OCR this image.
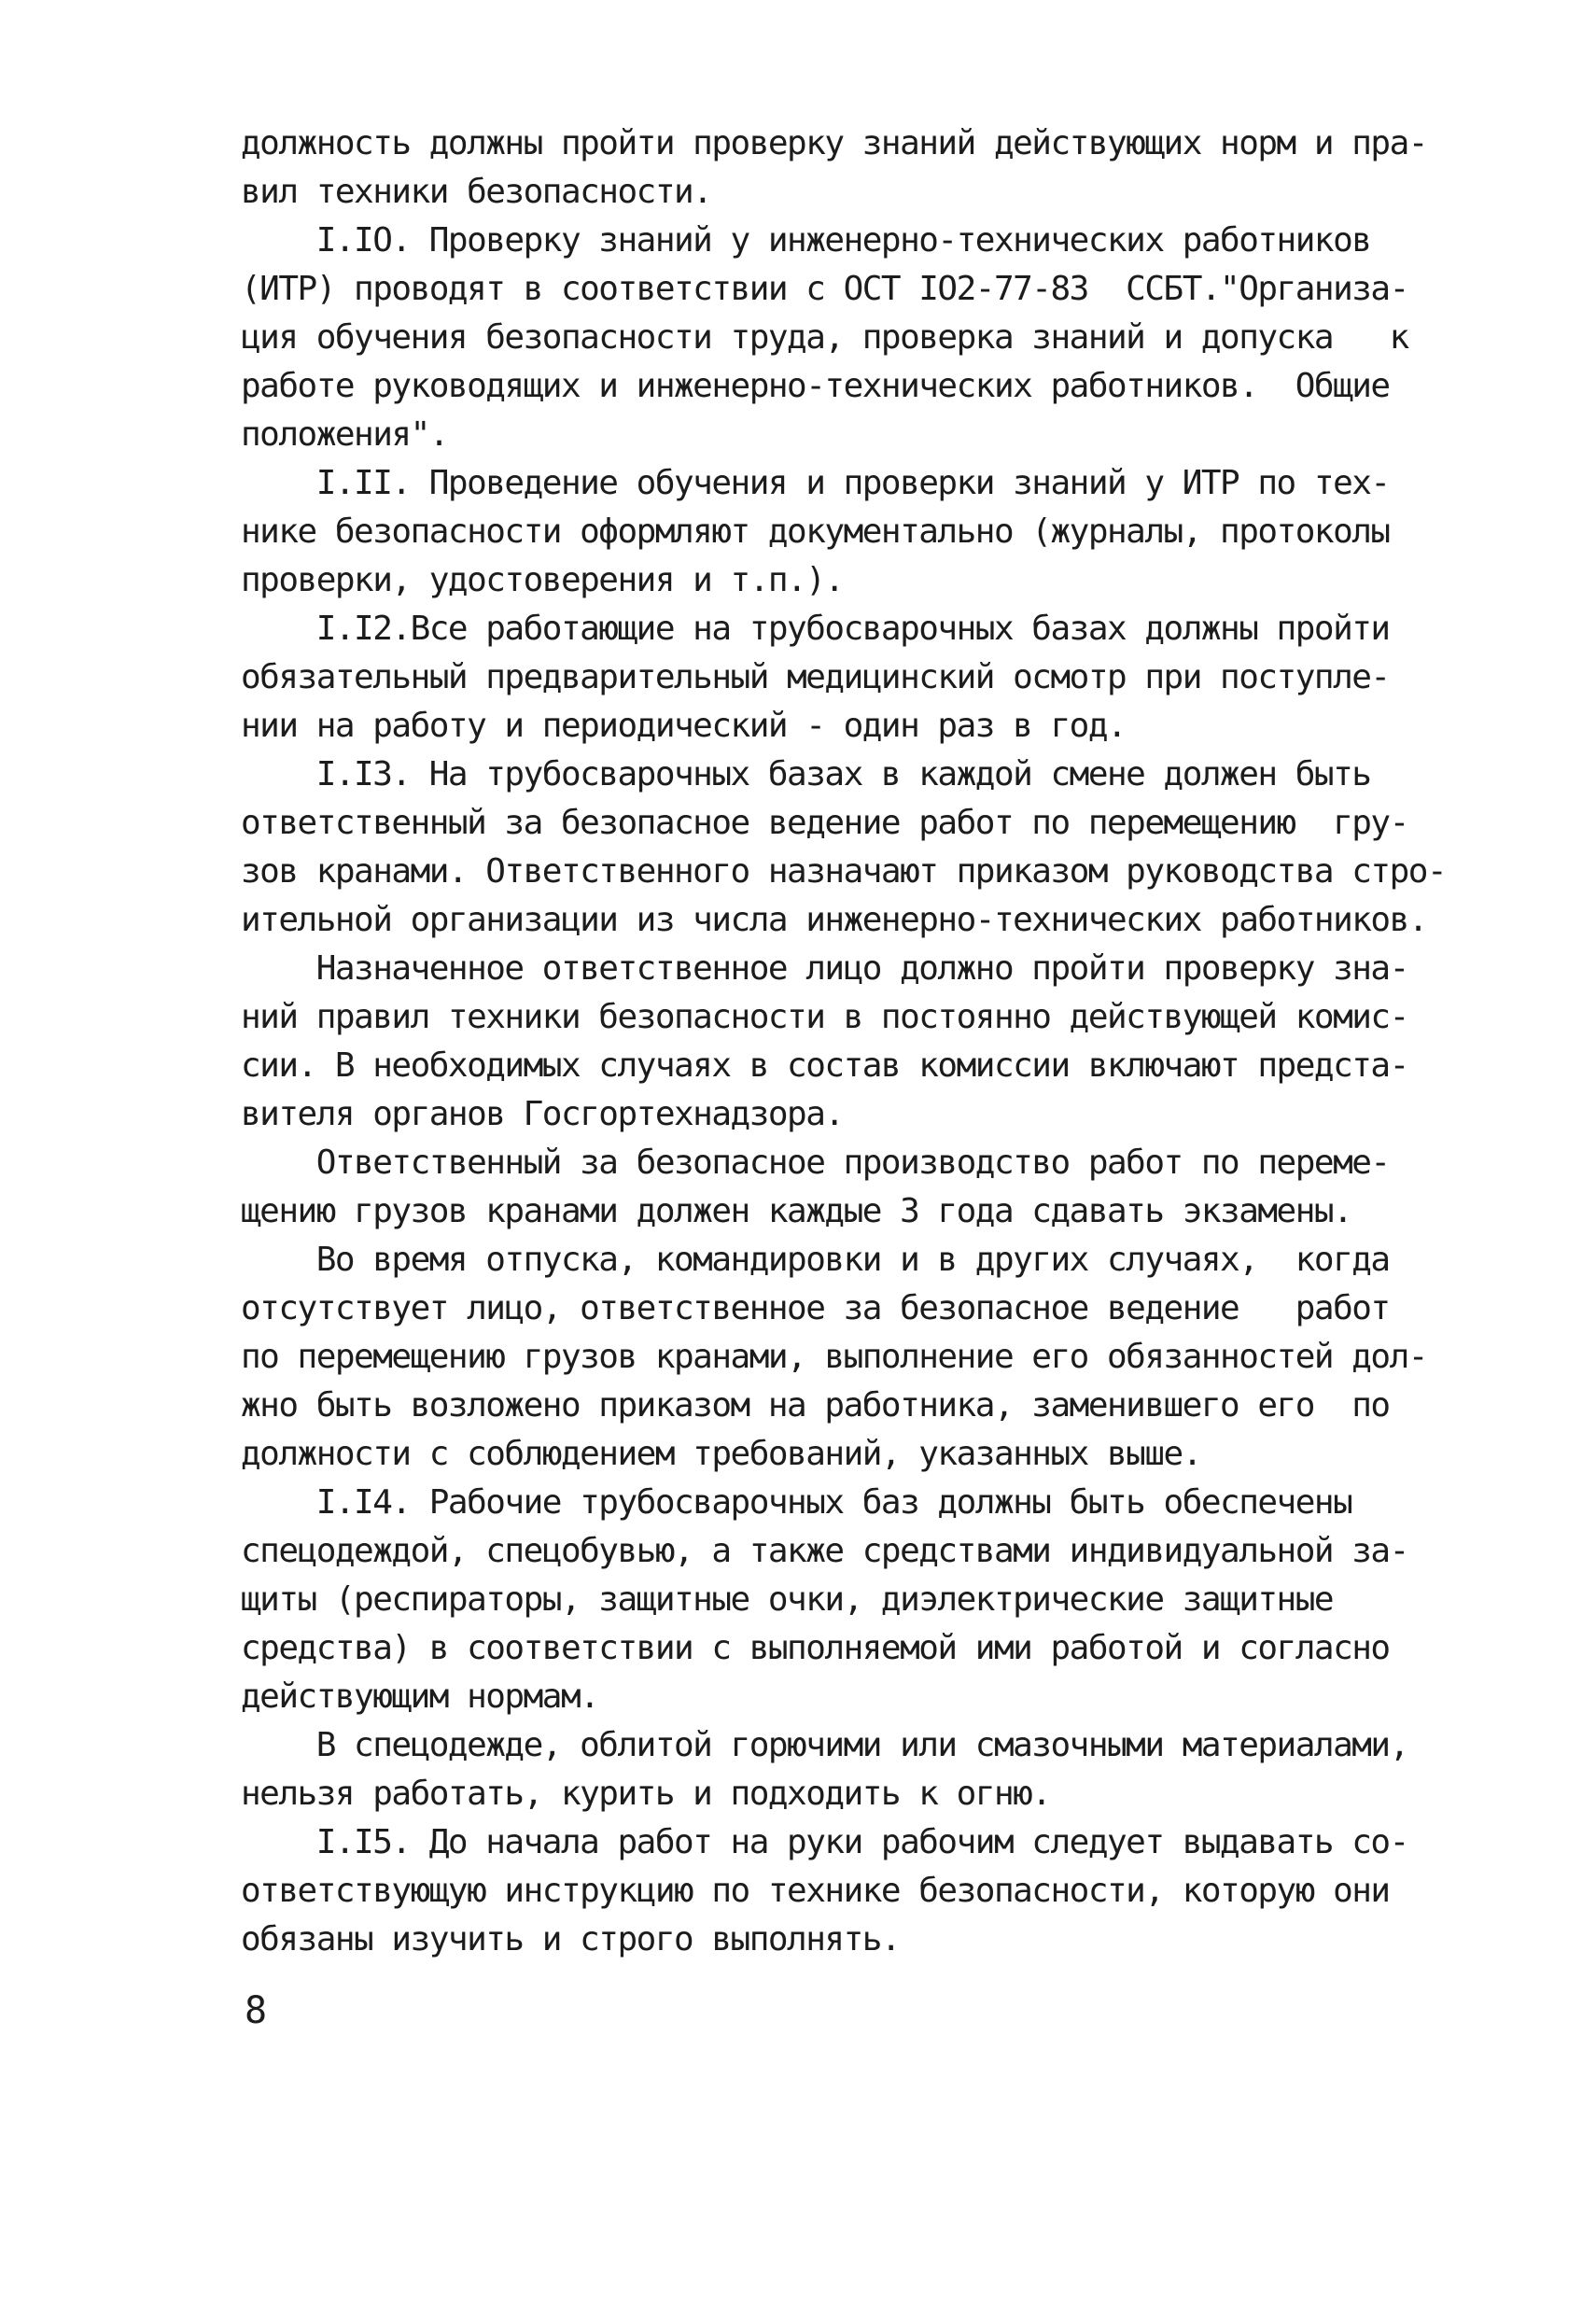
должность должны пройти проверку знаний действующих норм и пра-
вил техники безопасности.
I.IO. Проверку знаний у инженерно-технических работников
(ИТР) проводят в соответствии с ОСТ IO2-77-83  ССБТ."Организа-
ция обучения безопасности труда, проверка знаний и допуска   к
работе руководящих и инженерно-технических работников.  Общие
положения".
I.II. Проведение обучения и проверки знаний у ИТР по тех-
нике безопасности оформляют документально (журналы, протоколы
проверки, удостоверения и т.п.).
I.I2.Все работающие на трубосварочных базах должны пройти
обязательный предварительный медицинский осмотр при поступле-
нии на работу и периодический - один раз в год.
I.I3. На трубосварочных базах в каждой смене должен быть
ответственный за безопасное ведение работ по перемещению  гру-
зов кранами. Ответственного назначают приказом руководства стро-
ительной организации из числа инженерно-технических работников.
Назначенное ответственное лицо должно пройти проверку зна-
ний правил техники безопасности в постоянно действующей комис-
сии. В необходимых случаях в состав комиссии включают предста-
вителя органов Госгортехнадзора.
Ответственный за безопасное производство работ по переме-
щению грузов кранами должен каждые 3 года сдавать экзамены.
Во время отпуска, командировки и в других случаях,  когда
отсутствует лицо, ответственное за безопасное ведение   работ
по перемещению грузов кранами, выполнение его обязанностей дол-
жно быть возложено приказом на работника, заменившего его  по
должности с соблюдением требований, указанных выше.
I.I4. Рабочие трубосварочных баз должны быть обеспечены
спецодеждой, спецобувью, а также средствами индивидуальной за-
щиты (респираторы, защитные очки, диэлектрические защитные
средства) в соответствии с выполняемой ими работой и согласно
действующим нормам.
В спецодежде, облитой горючими или смазочными материалами,
нельзя работать, курить и подходить к огню.
I.I5. До начала работ на руки рабочим следует выдавать со-
ответствующую инструкцию по технике безопасности, которую они
обязаны изучить и строго выполнять.
8
